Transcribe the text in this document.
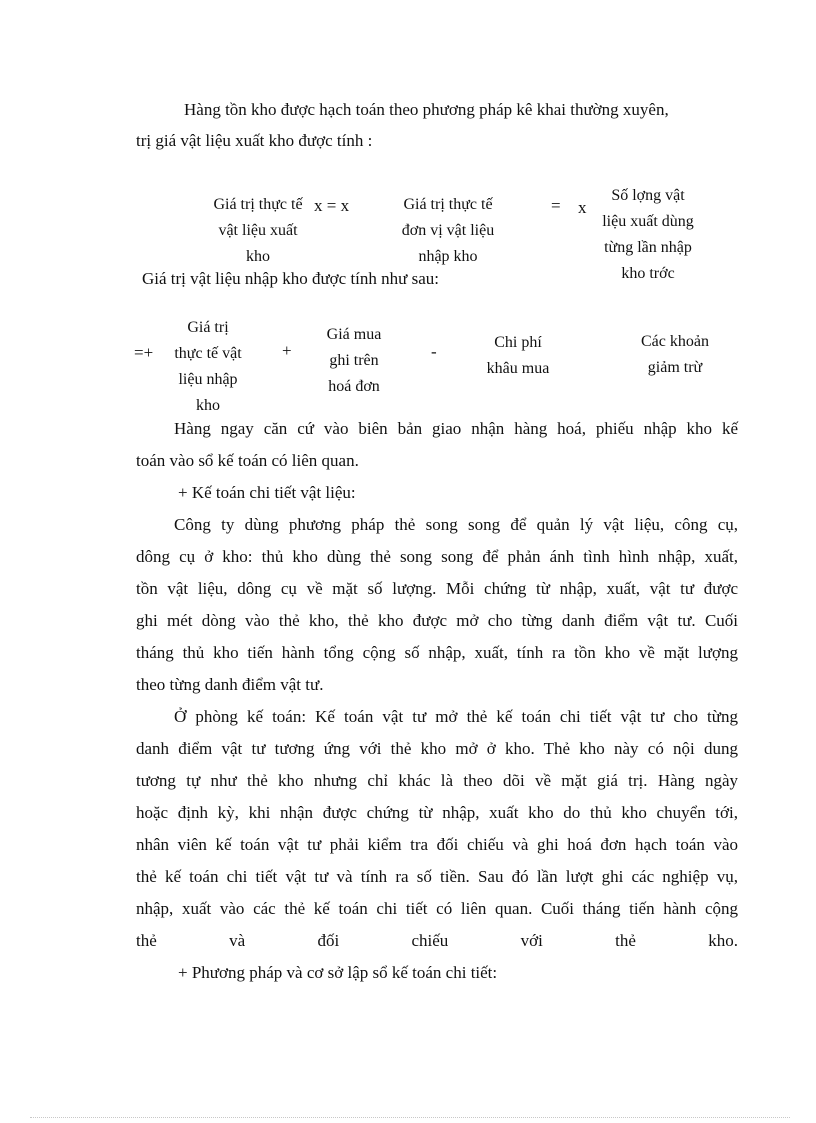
Hàng tồn kho được hạch toán theo phương pháp kê khai thường xuyên,
trị giá vật liệu xuất kho được tính :
Giá trị thực tế
vật liệu xuất
kho
x = x	Giá trị thực tế
đơn vị vật liệu
nhập kho
= x
Số lợng vật
liệu xuất dùng
từng lần nhập
kho trớc
Giá trị vật liệu nhập kho được tính như sau:
=+
Giá trị
thực tế vật
liệu nhập
kho
+
Giá mua
ghi trên
hoá đơn
-	Chi phí
khâu mua
Các khoản
giảm trừ
Hàng ngay căn cứ vào biên bản giao nhận hàng hoá, phiếu nhập kho kế
toán vào sổ kế toán có liên quan.
+ Kế toán chi tiết vật liệu:
Công ty dùng phương pháp thẻ song song để quản lý vật liệu, công cụ,
dông cụ ở kho: thủ kho dùng thẻ song song để phản ánh tình hình nhập, xuất,
tồn vật liệu, dông cụ về mặt số lượng. Mỗi chứng từ nhập, xuất, vật tư được
ghi mét dòng vào thẻ kho, thẻ kho được mở cho từng danh điểm vật tư. Cuối
tháng thủ kho tiến hành tổng cộng số nhập, xuất, tính ra tồn kho về mặt lượng
theo từng danh điểm vật tư.
Ở phòng kế toán: Kế toán vật tư mở thẻ kế toán chi tiết vật tư cho từng
danh điểm vật tư tương ứng với thẻ kho mở ở kho. Thẻ kho này có nội dung
tương tự như thẻ kho nhưng chỉ khác là theo dõi về mặt giá trị. Hàng ngày
hoặc định kỳ, khi nhận được chứng từ nhập, xuất kho do thủ kho chuyển tới,
nhân viên kế toán vật tư phải kiểm tra đối chiếu và ghi hoá đơn hạch toán vào
thẻ kế toán chi tiết vật tư và tính ra số tiền. Sau đó lần lượt ghi các nghiệp vụ,
nhập, xuất vào các thẻ kế toán chi tiết có liên quan. Cuối tháng tiến hành cộng
thẻ và đối chiếu với thẻ kho.
+ Phương pháp và cơ sở lập sổ kế toán chi tiết:
